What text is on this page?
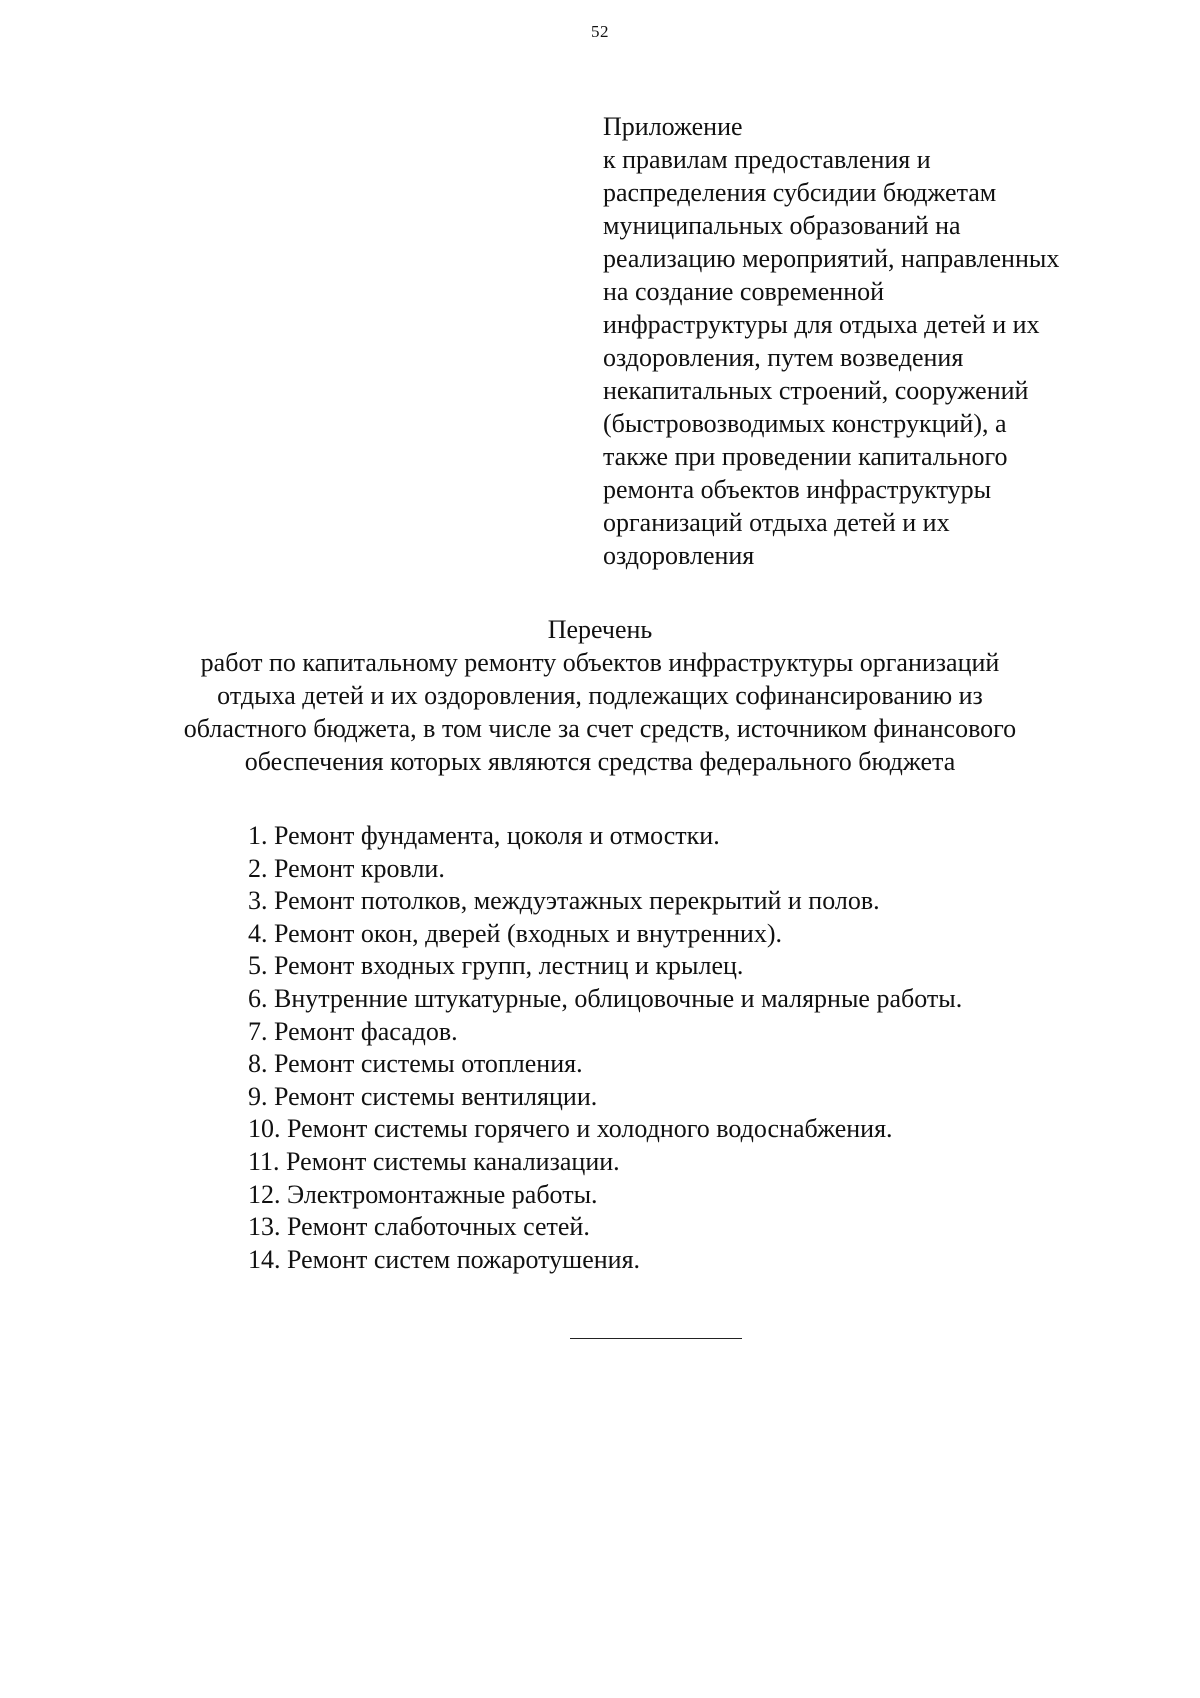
52
Приложение
к правилам предоставления и
распределения субсидии бюджетам
муниципальных образований на
реализацию мероприятий, направленных
на создание современной
инфраструктуры для отдыха детей и их
оздоровления, путем возведения
некапитальных строений, сооружений
(быстровозводимых конструкций), а
также при проведении капитального
ремонта объектов инфраструктуры
организаций отдыха детей и их
оздоровления
Перечень
работ по капитальному ремонту объектов инфраструктуры организаций
отдыха детей и их оздоровления, подлежащих софинансированию из
областного бюджета, в том числе за счет средств, источником финансового
обеспечения которых являются средства федерального бюджета
1. Ремонт фундамента, цоколя и отмостки.
2. Ремонт кровли.
3. Ремонт потолков, междуэтажных перекрытий и полов.
4. Ремонт окон, дверей (входных и внутренних).
5. Ремонт входных групп, лестниц и крылец.
6. Внутренние штукатурные, облицовочные и малярные работы.
7. Ремонт фасадов.
8. Ремонт системы отопления.
9. Ремонт системы вентиляции.
10. Ремонт системы горячего и холодного водоснабжения.
11. Ремонт системы канализации.
12. Электромонтажные работы.
13. Ремонт слаботочных сетей.
14. Ремонт систем пожаротушения.
